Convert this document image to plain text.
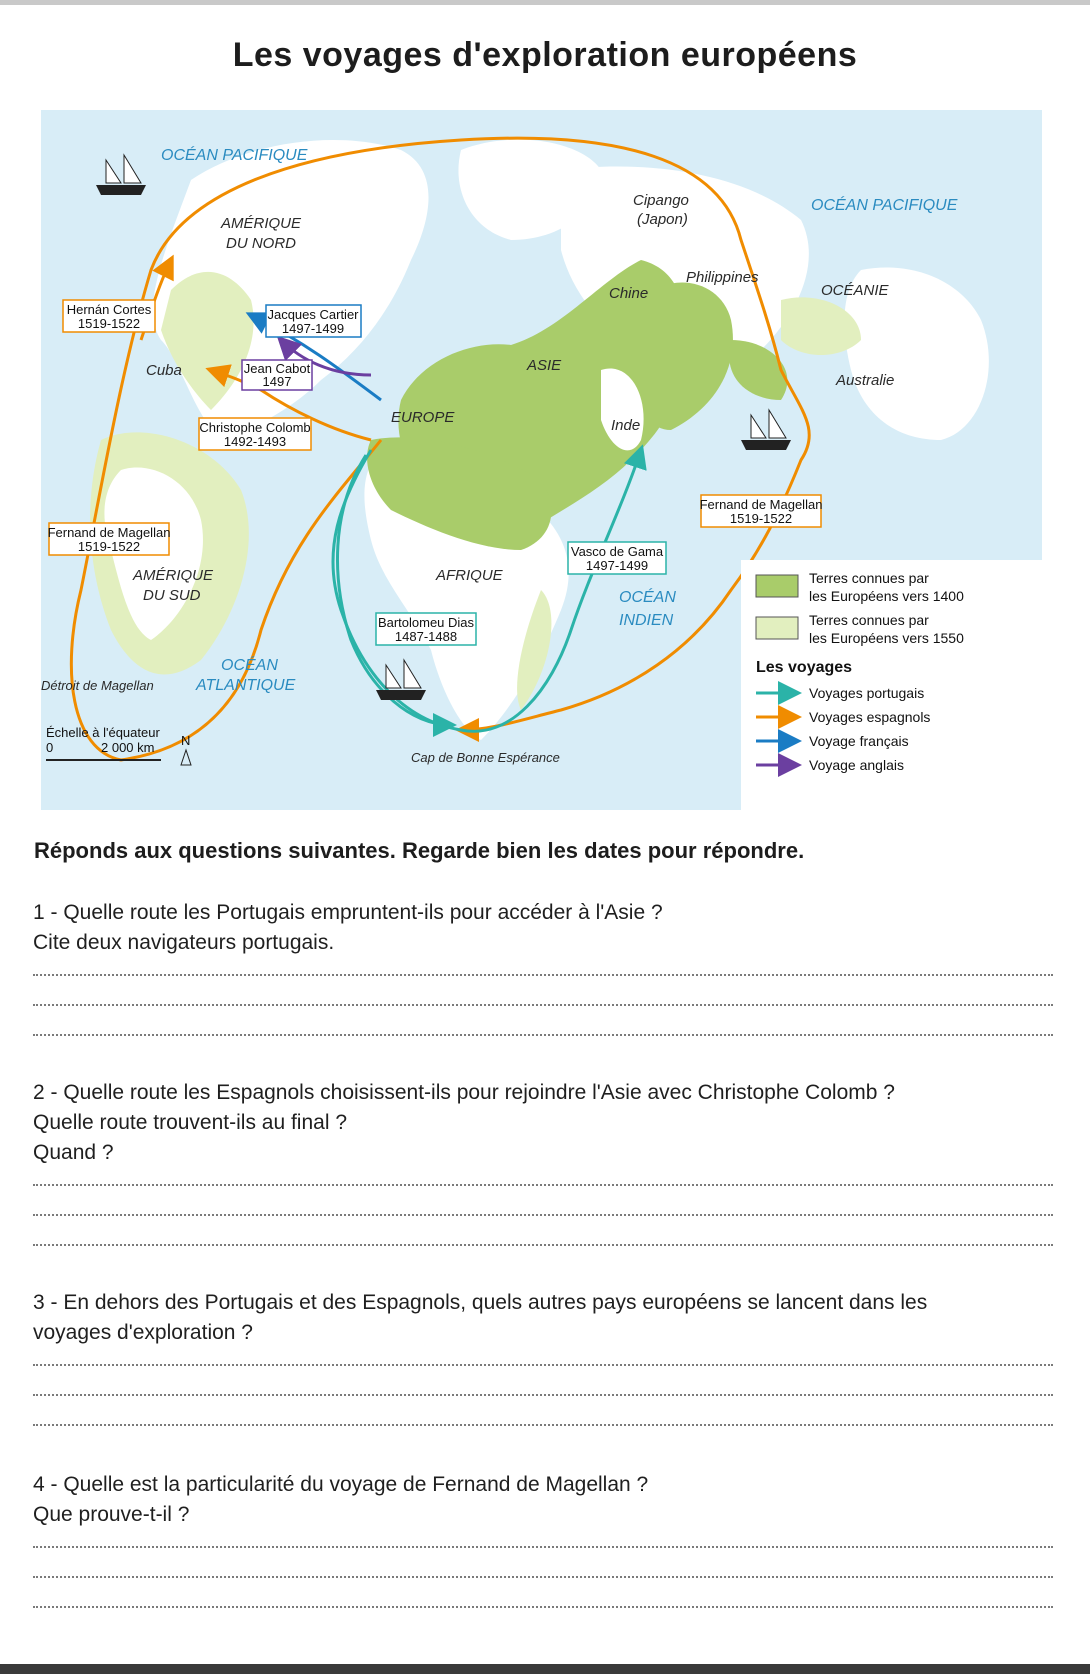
Les voyages d'exploration européens
OCÉAN PACIFIQUE
OCÉAN PACIFIQUE
OCÉAN
ATLANTIQUE
OCÉAN
INDIEN
AMÉRIQUE
DU NORD
AMÉRIQUE
DU SUD
EUROPE
ASIE
AFRIQUE
OCÉANIE
Chine
Inde
Cipango
(Japon)
Philippines
Australie
Cuba
Détroit de Magellan
Cap de Bonne Espérance
Hernán Cortes
1519-1522
Jacques Cartier
1497-1499
Jean Cabot
1497
Christophe Colomb
1492-1493
Fernand de Magellan
1519-1522
Fernand de Magellan
1519-1522
Vasco de Gama
1497-1499
Bartolomeu Dias
1487-1488
Échelle à l'équateur
0	2 000 km N
Terres connues par
les Européens vers 1400
Terres connues par
les Européens vers 1550
Les voyages
Voyages portugais
Voyages espagnols
Voyage français
Voyage anglais
Réponds aux questions suivantes. Regarde bien les dates pour répondre.

1 - Quelle route les Portugais empruntent-ils pour accéder à l'Asie ?

Cite deux navigateurs portugais.

2 - Quelle route les Espagnols choisissent-ils pour rejoindre l'Asie avec Christophe Colomb ?

Quelle route trouvent-ils au final ?

Quand ?

3 - En dehors des Portugais et des Espagnols, quels autres pays européens se lancent dans les

voyages d'exploration ?

4 - Quelle est la particularité du voyage de Fernand de Magellan ?

Que prouve-t-il ?
